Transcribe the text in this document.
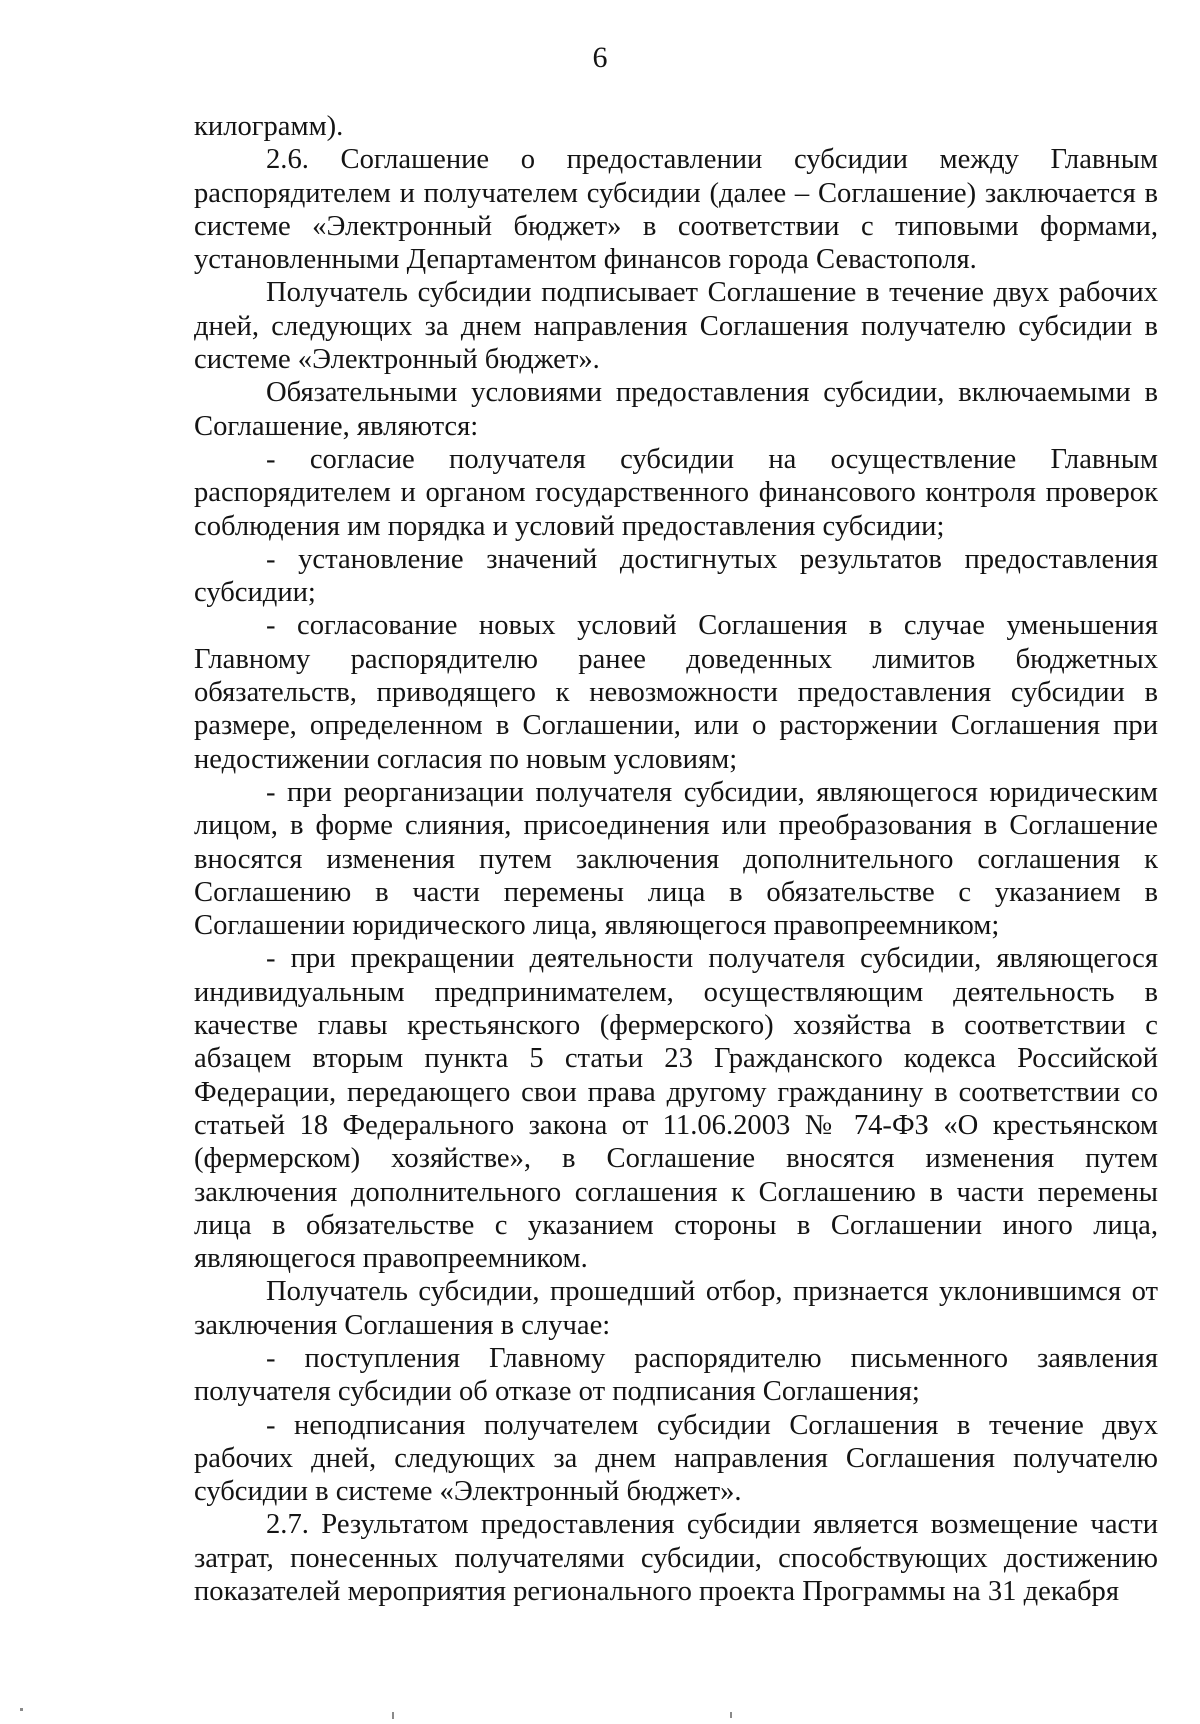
6

килограмм).

2.6. Соглашение о предоставлении субсидии между Главным распорядителем и получателем субсидии (далее – Соглашение) заключается в системе «Электронный бюджет» в соответствии с типовыми формами, установленными Департаментом финансов города Севастополя.

Получатель субсидии подписывает Соглашение в течение двух рабочих дней, следующих за днем направления Соглашения получателю субсидии в системе «Электронный бюджет».

Обязательными условиями предоставления субсидии, включаемыми в Соглашение, являются:

- согласие получателя субсидии на осуществление Главным распорядителем и органом государственного финансового контроля проверок соблюдения им порядка и условий предоставления субсидии;

- установление значений достигнутых результатов предоставления субсидии;

- согласование новых условий Соглашения в случае уменьшения Главному распорядителю ранее доведенных лимитов бюджетных обязательств, приводящего к невозможности предоставления субсидии в размере, определенном в Соглашении, или о расторжении Соглашения при недостижении согласия по новым условиям;

- при реорганизации получателя субсидии, являющегося юридическим лицом, в форме слияния, присоединения или преобразования в Соглашение вносятся изменения путем заключения дополнительного соглашения к Соглашению в части перемены лица в обязательстве с указанием в Соглашении юридического лица, являющегося правопреемником;

- при прекращении деятельности получателя субсидии, являющегося индивидуальным предпринимателем, осуществляющим деятельность в качестве главы крестьянского (фермерского) хозяйства в соответствии с абзацем вторым пункта 5 статьи 23 Гражданского кодекса Российской Федерации, передающего свои права другому гражданину в соответствии со статьей 18 Федерального закона от 11.06.2003 № 74-ФЗ «О крестьянском (фермерском) хозяйстве», в Соглашение вносятся изменения путем заключения дополнительного соглашения к Соглашению в части перемены лица в обязательстве с указанием стороны в Соглашении иного лица, являющегося правопреемником.

Получатель субсидии, прошедший отбор, признается уклонившимся от заключения Соглашения в случае:

- поступления Главному распорядителю письменного заявления получателя субсидии об отказе от подписания Соглашения;

- неподписания получателем субсидии Соглашения в течение двух рабочих дней, следующих за днем направления Соглашения получателю субсидии в системе «Электронный бюджет».

2.7. Результатом предоставления субсидии является возмещение части затрат, понесенных получателями субсидии, способствующих достижению показателей мероприятия регионального проекта Программы на 31 декабря
